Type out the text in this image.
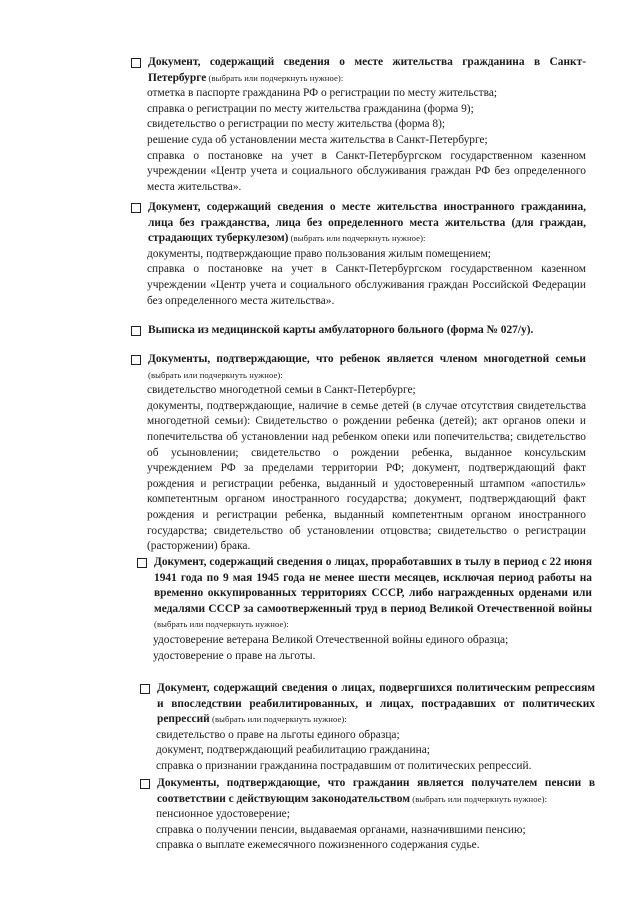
Документ, содержащий сведения о месте жительства гражданина в Санкт-Петербурге (выбрать или подчеркнуть нужное):
отметка в паспорте гражданина РФ о регистрации по месту жительства;
справка о регистрации по месту жительства гражданина (форма 9);
свидетельство о регистрации по месту жительства (форма 8);
решение суда об установлении места жительства в Санкт-Петербурге;
справка о постановке на учет в Санкт-Петербургском государственном казенном учреждении «Центр учета и социального обслуживания граждан РФ без определенного места жительства».
Документ, содержащий сведения о месте жительства иностранного гражданина, лица без гражданства, лица без определенного места жительства (для граждан, страдающих туберкулезом) (выбрать или подчеркнуть нужное):
документы, подтверждающие право пользования жилым помещением;
справка о постановке на учет в Санкт-Петербургском государственном казенном учреждении «Центр учета и социального обслуживания граждан Российской Федерации без определенного места жительства».
Выписка из медицинской карты амбулаторного больного (форма № 027/у).
Документы, подтверждающие, что ребенок является членом многодетной семьи (выбрать или подчеркнуть нужное):
свидетельство многодетной семьи в Санкт-Петербурге;
документы, подтверждающие, наличие в семье детей (в случае отсутствия свидетельства многодетной семьи): Свидетельство о рождении ребенка (детей); акт органов опеки и попечительства об установлении над ребенком опеки или попечительства; свидетельство об усыновлении; свидетельство о рождении ребенка, выданное консульским учреждением РФ за пределами территории РФ; документ, подтверждающий факт рождения и регистрации ребенка, выданный и удостоверенный штампом «апостиль» компетентным органом иностранного государства; документ, подтверждающий факт рождения и регистрации ребенка, выданный компетентным органом иностранного государства; свидетельство об установлении отцовства; свидетельство о регистрации (расторжении) брака.
Документ, содержащий сведения о лицах, проработавших в тылу в период с 22 июня 1941 года по 9 мая 1945 года не менее шести месяцев, исключая период работы на временно оккупированных территориях СССР, либо награжденных орденами или медалями СССР за самоотверженный труд в период Великой Отечественной войны (выбрать или подчеркнуть нужное):
удостоверение ветерана Великой Отечественной войны единого образца;
удостоверение о праве на льготы.
Документ, содержащий сведения о лицах, подвергшихся политическим репрессиям и впоследствии реабилитированных, и лицах, пострадавших от политических репрессий (выбрать или подчеркнуть нужное):
свидетельство о праве на льготы единого образца;
документ, подтверждающий реабилитацию гражданина;
справка о признании гражданина пострадавшим от политических репрессий.
Документы, подтверждающие, что гражданин является получателем пенсии в соответствии с действующим законодательством (выбрать или подчеркнуть нужное):
пенсионное удостоверение;
справка о получении пенсии, выдаваемая органами, назначившими пенсию;
справка о выплате ежемесячного пожизненного содержания судье.
